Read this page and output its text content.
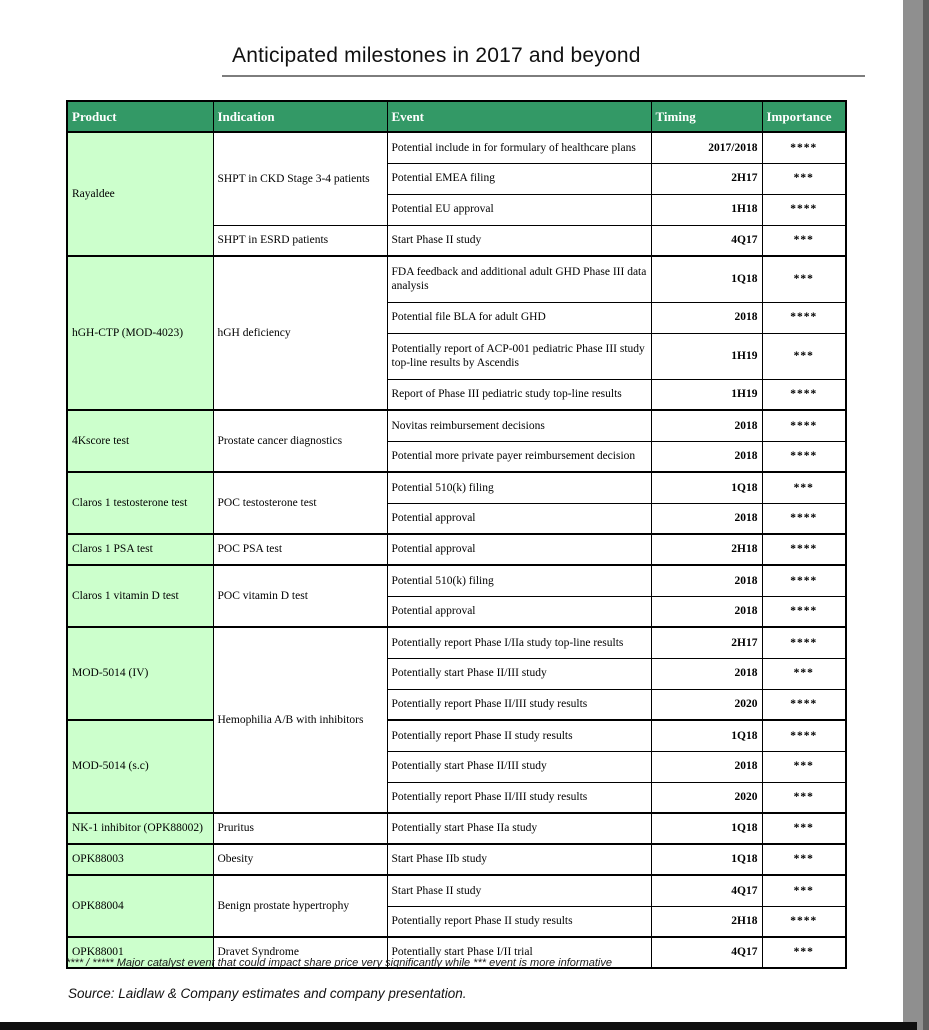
Anticipated milestones in 2017 and beyond
Product	Indication	Event	Timing	Importance
Rayaldee	SHPT in CKD Stage 3-4 patients	Potential include in for formulary of healthcare plans	2017/2018	****
		Potential EMEA filing	2H17	***
		Potential EU approval	1H18	****
	SHPT in ESRD patients	Start Phase II study	4Q17	***
hGH-CTP (MOD-4023)	hGH deficiency	FDA feedback and additional adult GHD Phase III data analysis	1Q18	***
		Potential file BLA for adult GHD	2018	****
		Potentially report of ACP-001 pediatric Phase III study top-line results by Ascendis	1H19	***
		Report of Phase III pediatric study top-line results	1H19	****
4Kscore test	Prostate cancer diagnostics	Novitas reimbursement decisions	2018	****
		Potential more private payer reimbursement decision	2018	****
Claros 1 testosterone test	POC testosterone test	Potential 510(k) filing	1Q18	***
		Potential approval	2018	****
Claros 1 PSA test	POC PSA test	Potential approval	2H18	****
Claros 1 vitamin D test	POC vitamin D test	Potential 510(k) filing	2018	****
		Potential approval	2018	****
MOD-5014 (IV)	Hemophilia A/B with inhibitors	Potentially report Phase I/IIa study top-line results	2H17	****
		Potentially start Phase II/III study	2018	***
		Potentially report Phase II/III study results	2020	****
MOD-5014 (s.c)		Potentially report Phase II study results	1Q18	****
		Potentially start Phase II/III study	2018	***
		Potentially report Phase II/III study results	2020	***
NK-1 inhibitor (OPK88002)	Pruritus	Potentially start Phase IIa study	1Q18	***
OPK88003	Obesity	Start Phase IIb study	1Q18	***
OPK88004	Benign prostate hypertrophy	Start Phase II study	4Q17	***
		Potentially report Phase II study results	2H18	****
OPK88001	Dravet Syndrome	Potentially start Phase I/II trial	4Q17	***
**** / ***** Major catalyst event that could impact share price very significantly while *** event is more informative
Source: Laidlaw & Company estimates and company presentation.
